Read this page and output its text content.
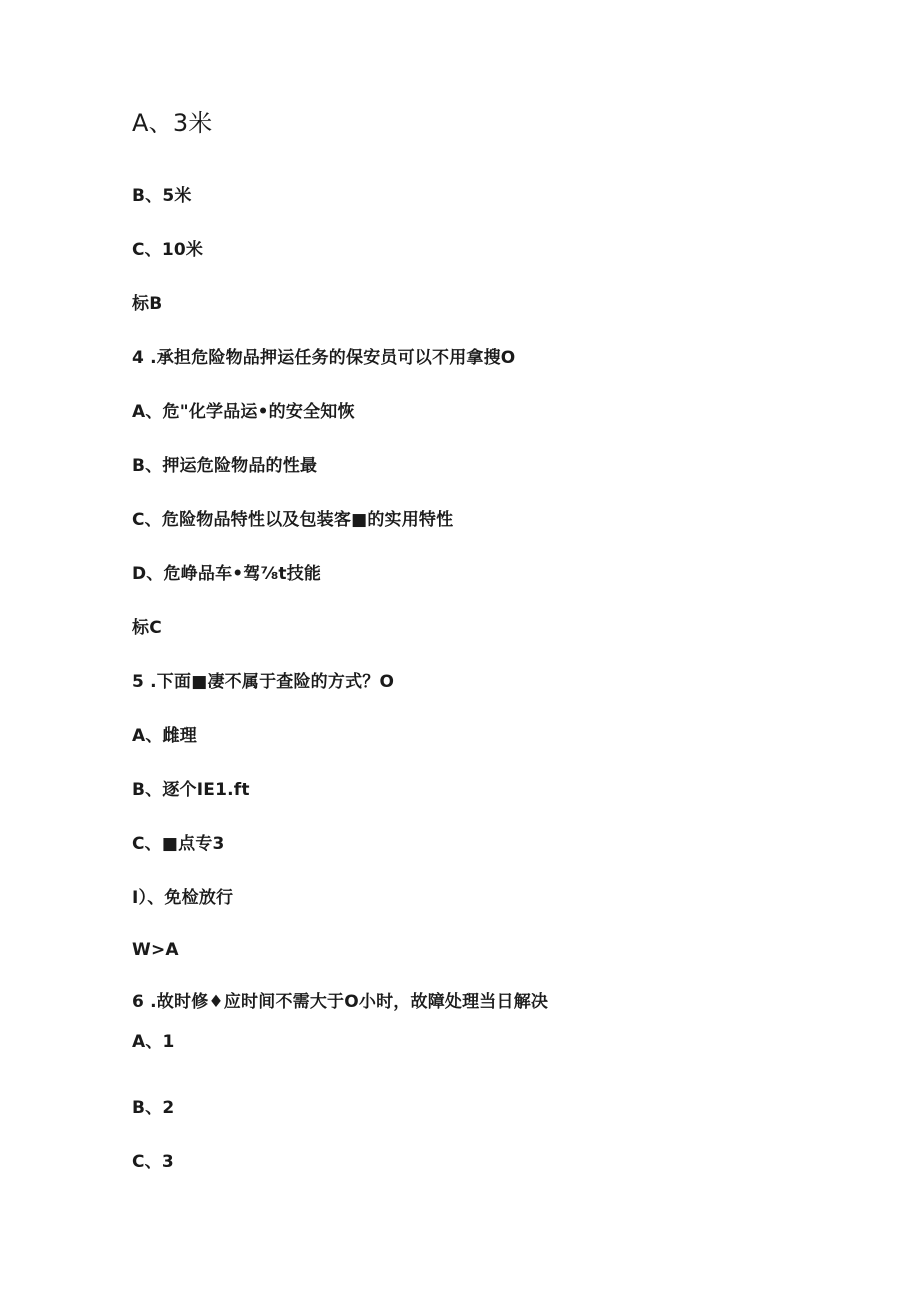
A、3米
B、5米
C、10米
标B
4 .承担危险物品押运任务的保安员可以不用拿搜O
A、危"化学品运•的安全知恢
B、押运危险物品的性最
C、危险物品特性以及包装客■的实用特性
D、危峥品车•驾⅞t技能
标C
5 .下面■凄不属于查险的方式？O
A、雌理
B、逐个IE1.ft
C、■点专3
I）、免检放行
W>A
6 .故时修♦应时间不需大于O小时，故障处理当日解决
A、1
B、2
C、3
